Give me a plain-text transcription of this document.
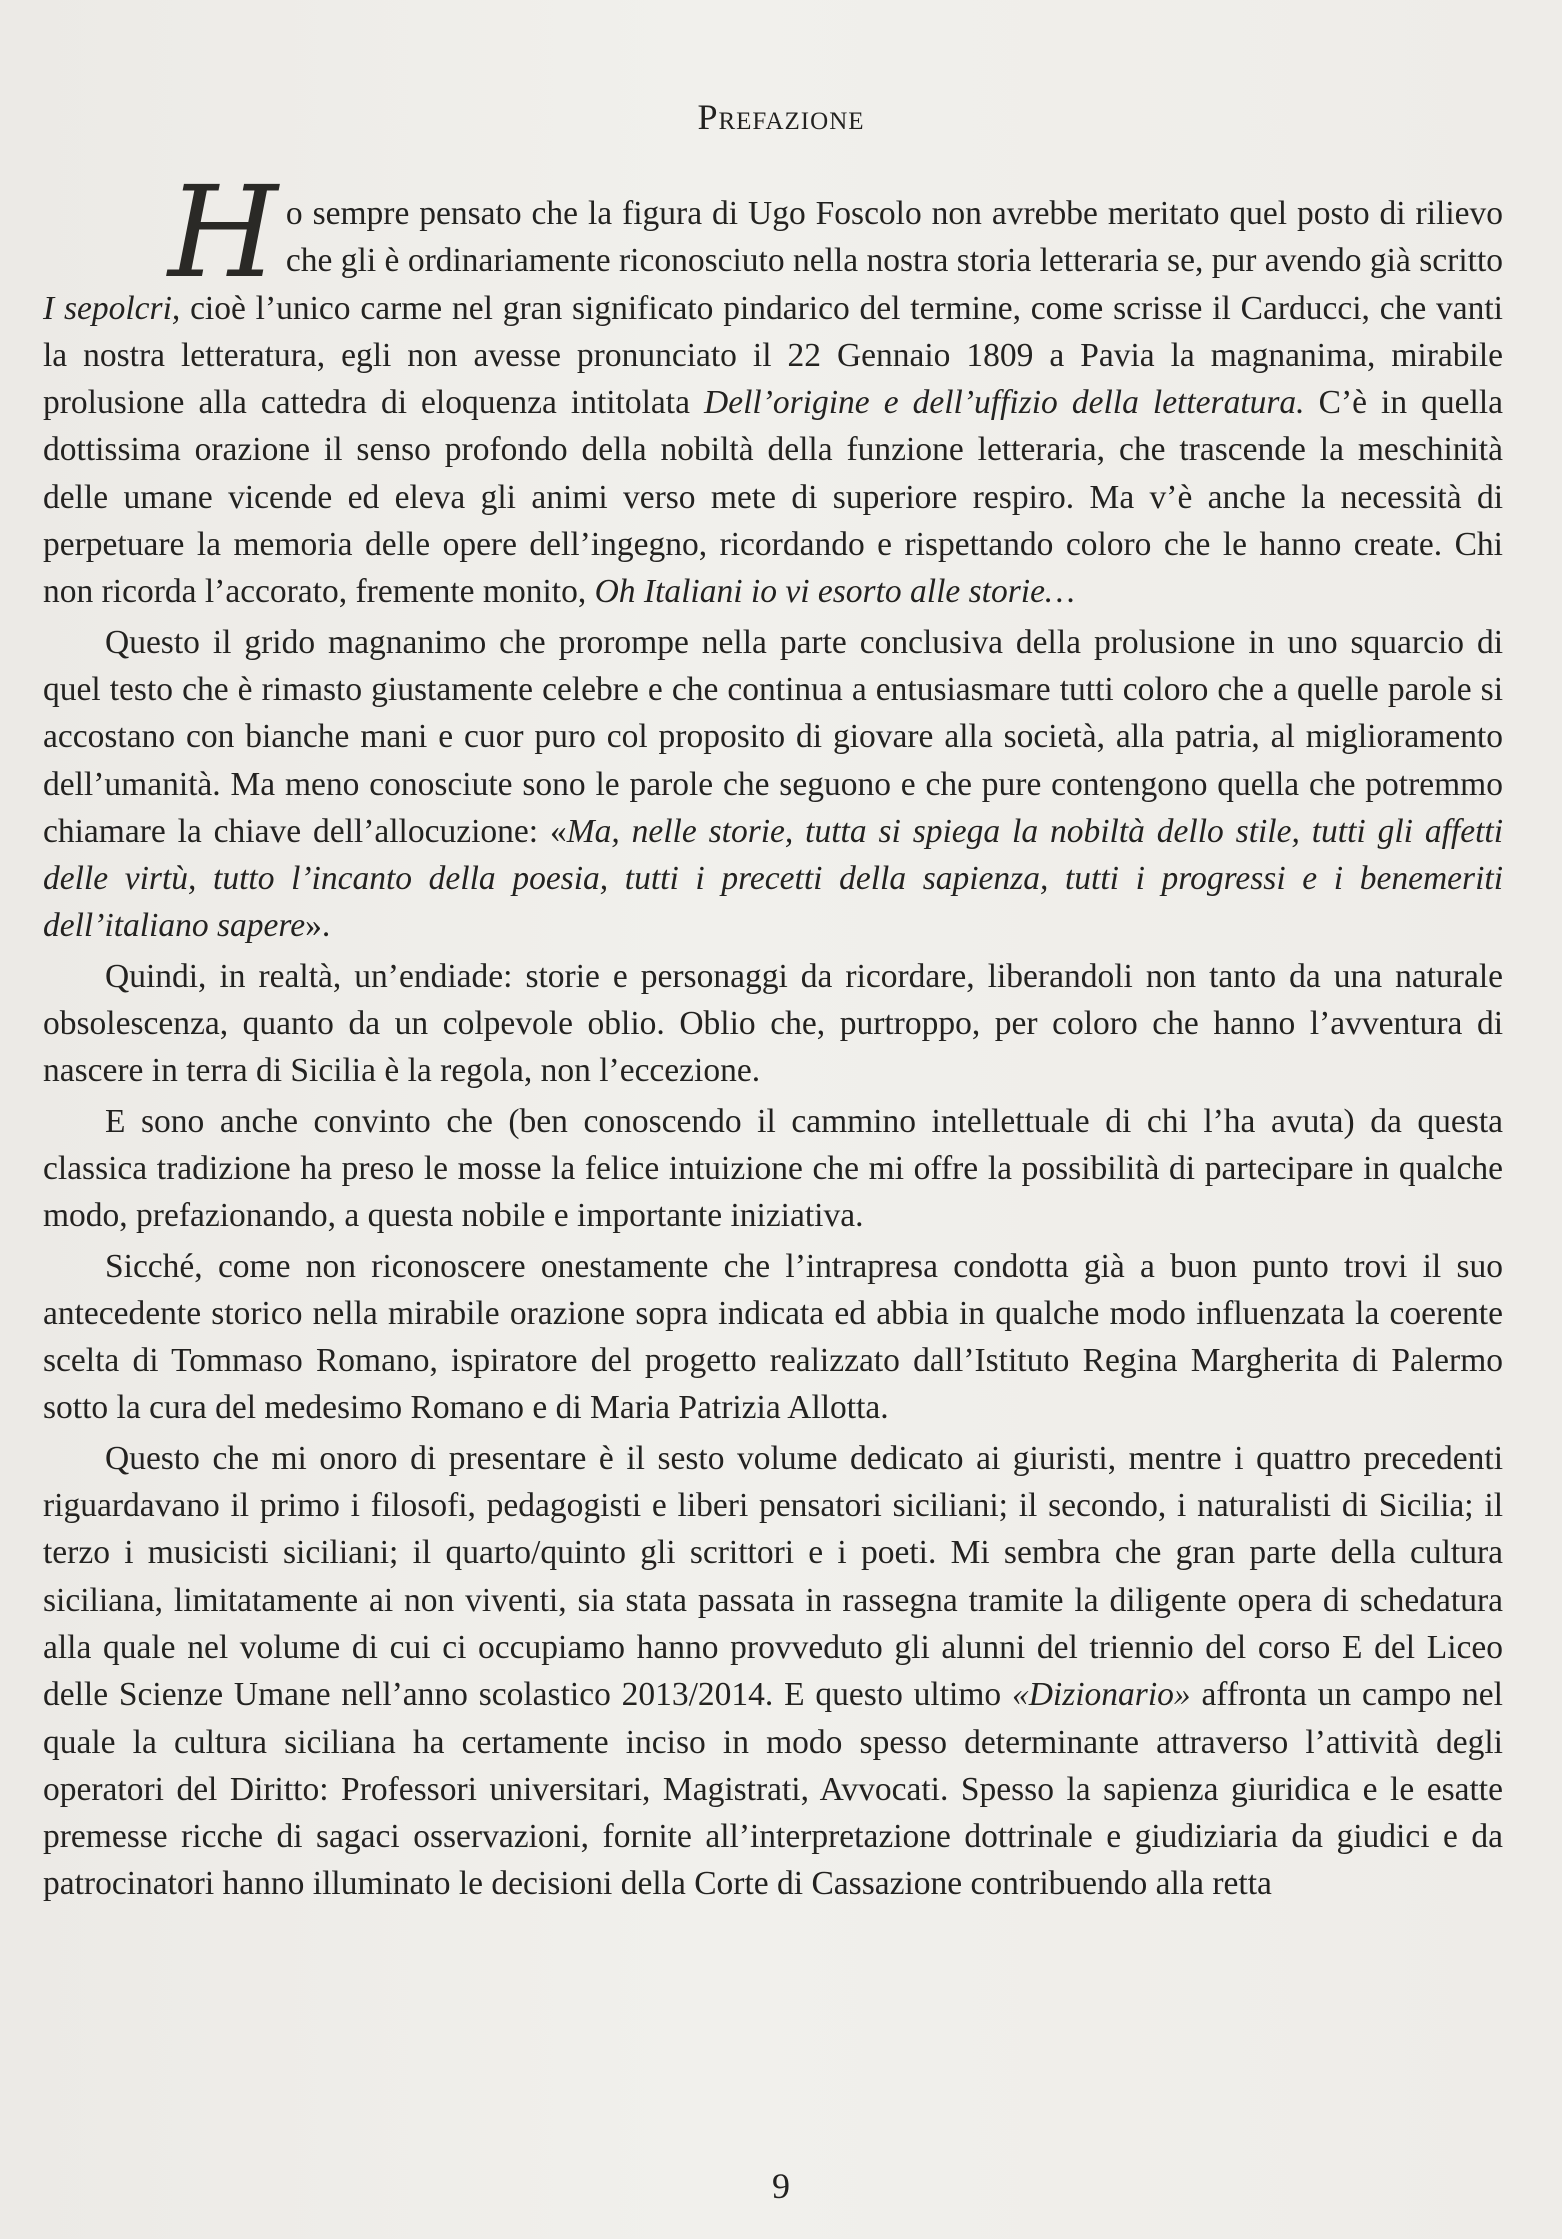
Prefazione

H o sempre pensato che la figura di Ugo Foscolo non avrebbe meritato quel posto di rilievo che gli è ordinariamente riconosciuto nella nostra storia letteraria se, pur avendo già scritto I sepolcri, cioè l’unico carme nel gran significato pindarico del termine, come scrisse il Carducci, che vanti la nostra letteratura, egli non avesse pronunciato il 22 Gennaio 1809 a Pavia la magnanima, mirabile prolusione alla cattedra di eloquenza intitolata Dell’origine e dell’uffizio della letteratura. C’è in quella dottissima orazione il senso profondo della nobiltà della funzione letteraria, che trascende la meschinità delle umane vicende ed eleva gli animi verso mete di superiore respiro. Ma v’è anche la necessità di perpetuare la memoria delle opere dell’ingegno, ricordando e rispettando coloro che le hanno create. Chi non ricorda l’accorato, fremente monito, Oh Italiani io vi esorto alle storie…

Questo il grido magnanimo che prorompe nella parte conclusiva della prolusione in uno squarcio di quel testo che è rimasto giustamente celebre e che continua a entusiasmare tutti coloro che a quelle parole si accostano con bianche mani e cuor puro col proposito di giovare alla società, alla patria, al miglioramento dell’umanità. Ma meno conosciute sono le parole che seguono e che pure contengono quella che potremmo chiamare la chiave dell’allocuzione: «Ma, nelle storie, tutta si spiega la nobiltà dello stile, tutti gli affetti delle virtù, tutto l’incanto della poesia, tutti i precetti della sapienza, tutti i progressi e i benemeriti dell’italiano sapere».

Quindi, in realtà, un’endiade: storie e personaggi da ricordare, liberandoli non tanto da una naturale obsolescenza, quanto da un colpevole oblio. Oblio che, purtroppo, per coloro che hanno l’avventura di nascere in terra di Sicilia è la regola, non l’eccezione.

E sono anche convinto che (ben conoscendo il cammino intellettuale di chi l’ha avuta) da questa classica tradizione ha preso le mosse la felice intuizione che mi offre la possibilità di partecipare in qualche modo, prefazionando, a questa nobile e importante iniziativa.

Sicché, come non riconoscere onestamente che l’intrapresa condotta già a buon punto trovi il suo antecedente storico nella mirabile orazione sopra indicata ed abbia in qualche modo influenzata la coerente scelta di Tommaso Romano, ispiratore del progetto realizzato dall’Istituto Regina Margherita di Palermo sotto la cura del medesimo Romano e di Maria Patrizia Allotta.

Questo che mi onoro di presentare è il sesto volume dedicato ai giuristi, mentre i quattro precedenti riguardavano il primo i filosofi, pedagogisti e liberi pensatori siciliani; il secondo, i naturalisti di Sicilia; il terzo i musicisti siciliani; il quarto/quinto gli scrittori e i poeti. Mi sembra che gran parte della cultura siciliana, limitatamente ai non viventi, sia stata passata in rassegna tramite la diligente opera di schedatura alla quale nel volume di cui ci occupiamo hanno provveduto gli alunni del triennio del corso E del Liceo delle Scienze Umane nell’anno scolastico 2013/2014. E questo ultimo «Dizionario» affronta un campo nel quale la cultura siciliana ha certamente inciso in modo spesso determinante attraverso l’attività degli operatori del Diritto: Professori universitari, Magistrati, Avvocati. Spesso la sapienza giuridica e le esatte premesse ricche di sagaci osservazioni, fornite all’interpretazione dottrinale e giudiziaria da giudici e da patrocinatori hanno illuminato le decisioni della Corte di Cassazione contribuendo alla retta

9
